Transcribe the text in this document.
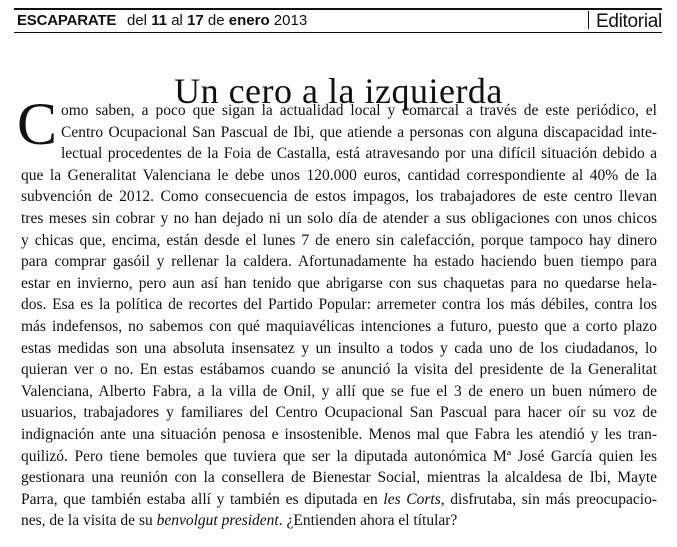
ESCAPARATE del 11 al 17 de enero 2013	Editorial
Un cero a la izquierda
C omo saben, a poco que sigan la actualidad local y comarcal a través de este periódico, el
Centro Ocupacional San Pascual de Ibi, que atiende a personas con alguna discapacidad inte-
lectual procedentes de la Foia de Castalla, está atravesando por una difícil situación debido a
que la Generalitat Valenciana le debe unos 120.000 euros, cantidad correspondiente al 40% de la
subvención de 2012. Como consecuencia de estos impagos, los trabajadores de este centro llevan
tres meses sin cobrar y no han dejado ni un solo día de atender a sus obligaciones con unos chicos
y chicas que, encima, están desde el lunes 7 de enero sin calefacción, porque tampoco hay dinero
para comprar gasóil y rellenar la caldera. Afortunadamente ha estado haciendo buen tiempo para
estar en invierno, pero aun así han tenido que abrigarse con sus chaquetas para no quedarse hela-
dos. Esa es la política de recortes del Partido Popular: arremeter contra los más débiles, contra los
más indefensos, no sabemos con qué maquiavélicas intenciones a futuro, puesto que a corto plazo
estas medidas son una absoluta insensatez y un insulto a todos y cada uno de los ciudadanos, lo
quieran ver o no. En estas estábamos cuando se anunció la visita del presidente de la Generalitat
Valenciana, Alberto Fabra, a la villa de Onil, y allí que se fue el 3 de enero un buen número de
usuarios, trabajadores y familiares del Centro Ocupacional San Pascual para hacer oír su voz de
indignación ante una situación penosa e insostenible. Menos mal que Fabra les atendió y les tran-
quilizó. Pero tiene bemoles que tuviera que ser la diputada autonómica Mª José García quien les
gestionara una reunión con la consellera de Bienestar Social, mientras la alcaldesa de Ibi, Mayte
Parra, que también estaba allí y también es diputada en les Corts, disfrutaba, sin más preocupacio-
nes, de la visita de su benvolgut president. ¿Entienden ahora el títular?
